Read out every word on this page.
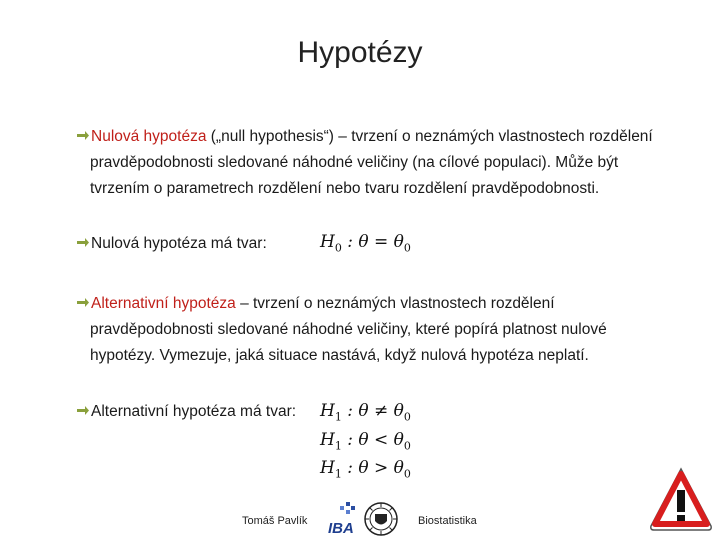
Hypotézy
Nulová hypotéza („null hypothesis“) – tvrzení o neznámých vlastnostech rozdělení pravděpodobnosti sledované náhodné veličiny (na cílové populaci). Může být tvrzením o parametrech rozdělení nebo tvaru rozdělení pravděpodobnosti.
Nulová hypotéza má tvar:	$H_0$ : $\theta = \theta_0$
Alternativní hypotéza – tvrzení o neznámých vlastnostech rozdělení pravděpodobnosti sledované náhodné veličiny, které popírá platnost nulové hypotézy. Vymezuje, jaká situace nastává, když nulová hypotéza neplatí.
Alternativní hypotéza má tvar:	$H_1$ : $\theta \ne \theta_0$
$H_1$ : $\theta < \theta_0$
$H_1$ : $\theta > \theta_0$
Tomáš Pavlík IBA	Biostatistika
